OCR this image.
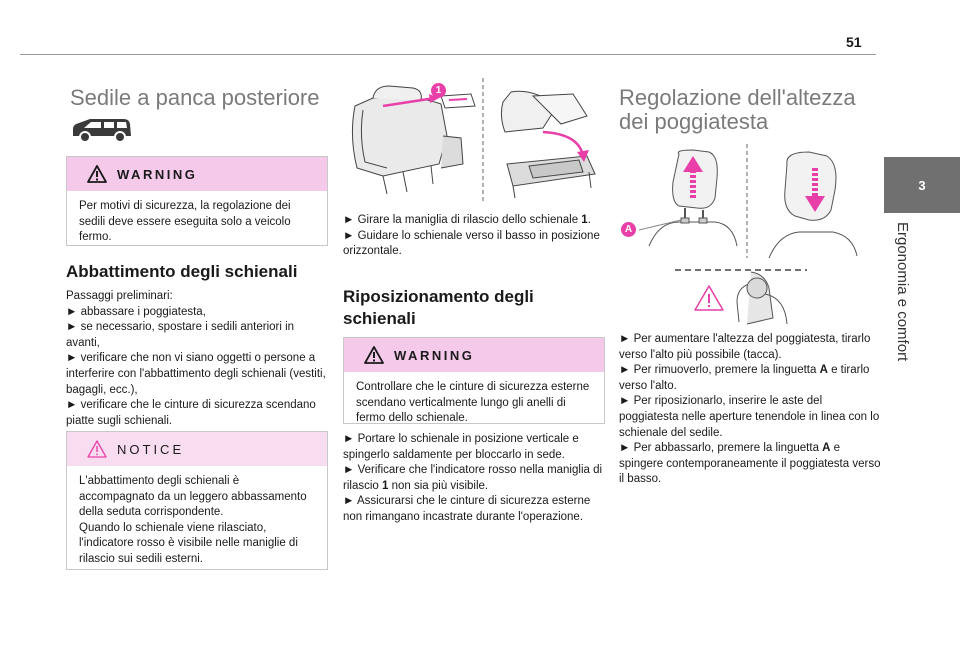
51
3
Ergonomia e comfort
Sedile a panca posteriore
WARNING
Per motivi di sicurezza, la regolazione dei sedili deve essere eseguita solo a veicolo fermo.
Abbattimento degli schienali

Passaggi preliminari:

► abbassare i poggiatesta,

► se necessario, spostare i sedili anteriori in avanti,

► verificare che non vi siano oggetti o persone a interferire con l'abbattimento degli schienali (vestiti, bagagli, ecc.),

► verificare che le cinture di sicurezza scendano piatte sugli schienali.

NOTICE

L'abbattimento degli schienali è accompagnato da un leggero abbassamento della seduta corrispondente.

Quando lo schienale viene rilasciato, l'indicatore rosso è visibile nelle maniglie di rilascio sui sedili esterni.

1

► Girare la maniglia di rilascio dello schienale 1.

► Guidare lo schienale verso il basso in posizione orizzontale.

Riposizionamento degli schienali
WARNING
Controllare che le cinture di sicurezza esterne scendano verticalmente lungo gli anelli di fermo dello schienale.

► Portare lo schienale in posizione verticale e spingerlo saldamente per bloccarlo in sede.

► Verificare che l'indicatore rosso nella maniglia di rilascio 1 non sia più visibile.

► Assicurarsi che le cinture di sicurezza esterne non rimangano incastrate durante l'operazione.

Regolazione dell'altezza dei poggiatesta
A

► Per aumentare l'altezza del poggiatesta, tirarlo verso l'alto più possibile (tacca).

► Per rimuoverlo, premere la linguetta A e tirarlo verso l'alto.

► Per riposizionarlo, inserire le aste del poggiatesta nelle aperture tenendole in linea con lo schienale del sedile.

► Per abbassarlo, premere la linguetta A e spingere contemporaneamente il poggiatesta verso il basso.
